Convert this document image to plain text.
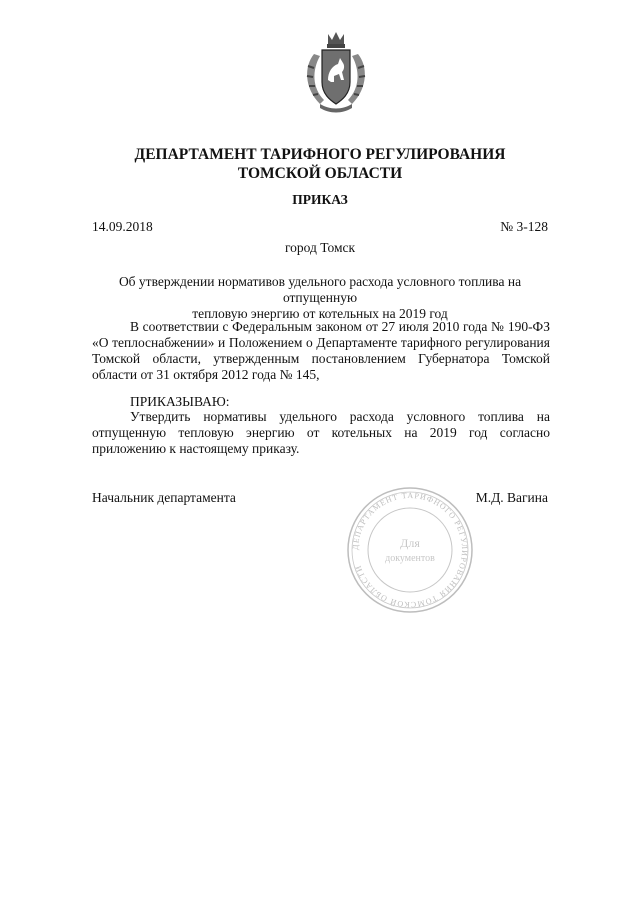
ДЕПАРТАМЕНТ ТАРИФНОГО РЕГУЛИРОВАНИЯ
ТОМСКОЙ ОБЛАСТИ
ПРИКАЗ
14.09.2018	№ 3-128
город Томск
Об утверждении нормативов удельного расхода условного топлива на отпущенную
тепловую энергию от котельных на 2019 год
В соответствии с Федеральным законом от 27 июля 2010 года № 190-ФЗ «О теплоснабжении» и Положением о Департаменте тарифного регулирования Томской области, утвержденным постановлением Губернатора Томской области от 31 октября 2012 года № 145,
ПРИКАЗЫВАЮ:
Утвердить нормативы удельного расхода условного топлива на отпущенную тепловую энергию от котельных на 2019 год согласно приложению к настоящему приказу.
ДЕПАРТАМЕНТ ТАРИФНОГО РЕГУЛИРОВАНИЯ ТОМСКОЙ ОБЛАСТИ
Для
документов
Начальник департамента	М.Д. Вагина
